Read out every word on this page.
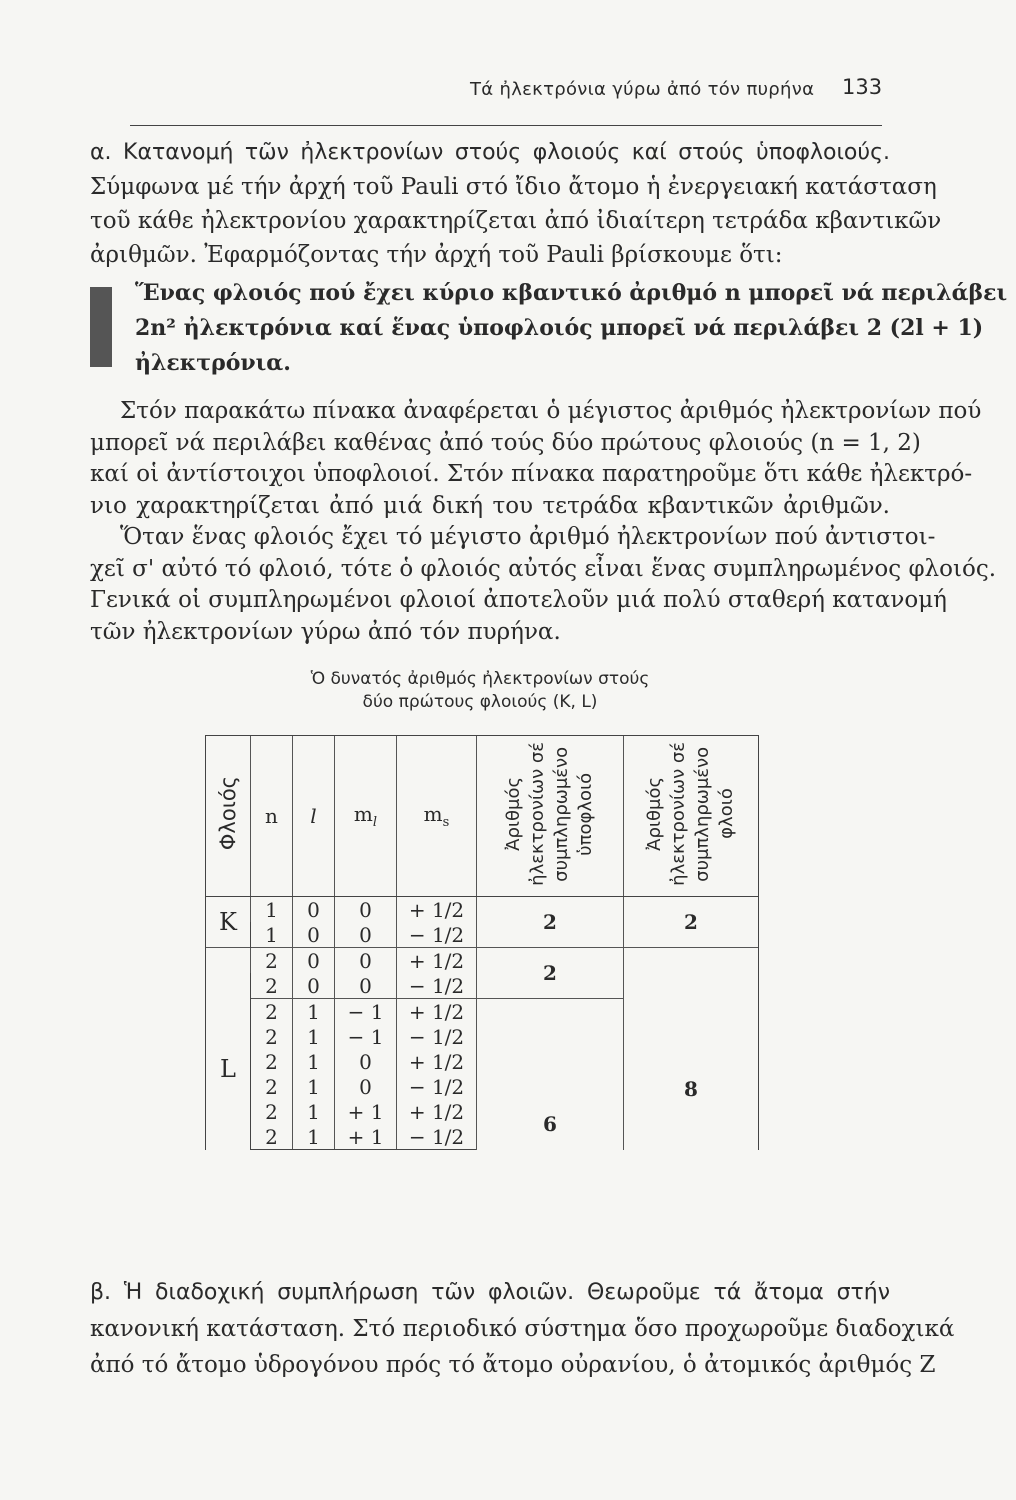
Τά ἠλεκτρόνια γύρω ἀπό τόν πυρήνα 133
α. Κατανομή τῶν ἠλεκτρονίων στούς φλοιούς καί στούς ὑποφλοιούς.
Σύμφωνα μέ τήν ἀρχή τοῦ Pauli στό ἴδιο ἄτομο ἡ ἐνεργειακή κατάσταση
τοῦ κάθε ἠλεκτρονίου χαρακτηρίζεται ἀπό ἰδιαίτερη τετράδα κβαντικῶν
ἀριθμῶν. Ἐφαρμόζοντας τήν ἀρχή τοῦ Pauli βρίσκουμε ὅτι:
Ἕνας φλοιός πού ἔχει κύριο κβαντικό ἀριθμό n μπορεῖ νά περιλάβει
2n² ἠλεκτρόνια καί ἕνας ὑποφλοιός μπορεῖ νά περιλάβει 2 (2l + 1)
ἠλεκτρόνια.
Στόν παρακάτω πίνακα ἀναφέρεται ὁ μέγιστος ἀριθμός ἠλεκτρονίων πού
μπορεῖ νά περιλάβει καθένας ἀπό τούς δύο πρώτους φλοιούς (n = 1, 2)
καί οἱ ἀντίστοιχοι ὑποφλοιοί. Στόν πίνακα παρατηροῦμε ὅτι κάθε ἠλεκτρό-
νιο χαρακτηρίζεται ἀπό μιά δική του τετράδα κβαντικῶν ἀριθμῶν.
Ὅταν ἕνας φλοιός ἔχει τό μέγιστο ἀριθμό ἠλεκτρονίων πού ἀντιστοι-
χεῖ σ' αὐτό τό φλοιό, τότε ὁ φλοιός αὐτός εἶναι ἕνας συμπληρωμένος φλοιός.
Γενικά οἱ συμπληρωμένοι φλοιοί ἀποτελοῦν μιά πολύ σταθερή κατανομή
τῶν ἠλεκτρονίων γύρω ἀπό τόν πυρήνα.
Ὁ δυνατός ἀριθμός ἠλεκτρονίων στούς
δύο πρώτους φλοιούς (K, L)
Φλοιός	n	l	$m_l$	$m_s$	Ἀριθμός ἠλεκτρονίων σέ συμπληρωμένο ὑποφλοιό	Ἀριθμός ἠλεκτρονίων σέ συμπληρωμένο φλοιό
K	1	0	0	+ 1/2	2	2
	1	0	0	− 1/2		
L	2	0	0	+ 1/2	2	8
	2	0	0	− 1/2		
	2	1	− 1	+ 1/2	6	
	2	1	− 1	− 1/2		
	2	1	0	+ 1/2		
	2	1	0	− 1/2		
	2	1	+ 1	+ 1/2		
	2	1	+ 1	− 1/2		
β. Ἡ διαδοχική συμπλήρωση τῶν φλοιῶν. Θεωροῦμε τά ἄτομα στήν
κανονική κατάσταση. Στό περιοδικό σύστημα ὅσο προχωροῦμε διαδοχικά
ἀπό τό ἄτομο ὑδρογόνου πρός τό ἄτομο οὐρανίου, ὁ ἀτομικός ἀριθμός Z
